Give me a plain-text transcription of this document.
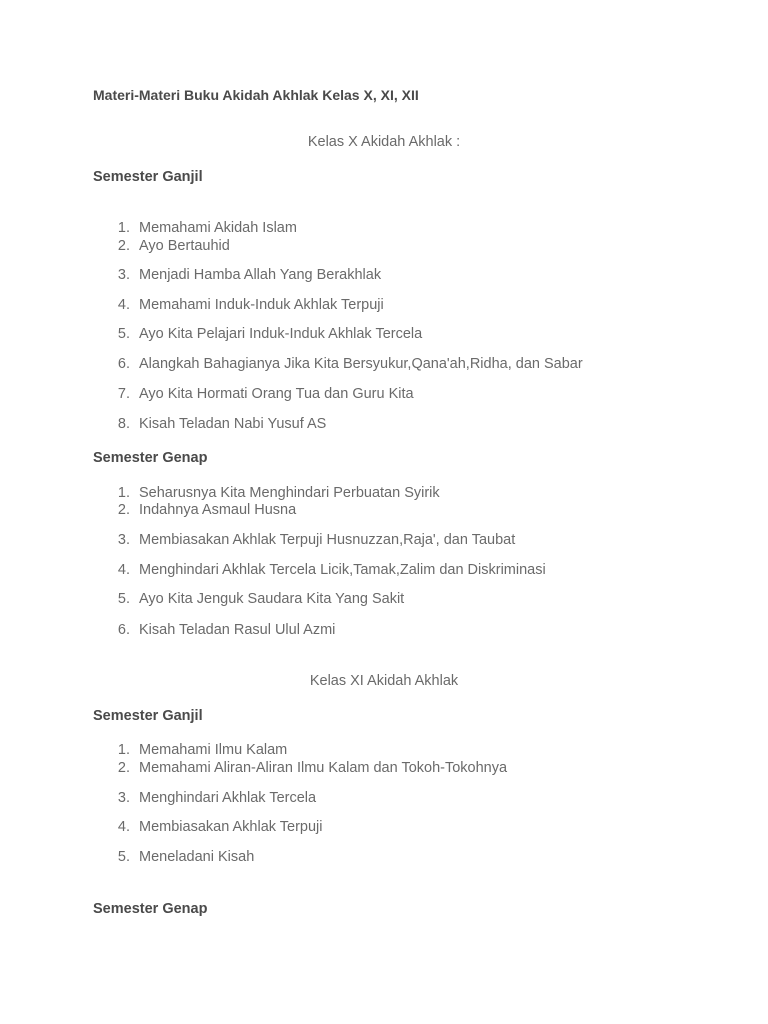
Materi-Materi Buku Akidah Akhlak Kelas X, XI, XII
Kelas X Akidah Akhlak :
Semester Ganjil
1. Memahami Akidah Islam
2. Ayo Bertauhid
3. Menjadi Hamba Allah Yang Berakhlak
4. Memahami Induk-Induk Akhlak Terpuji
5. Ayo Kita Pelajari Induk-Induk Akhlak Tercela
6. Alangkah Bahagianya Jika Kita Bersyukur,Qana'ah,Ridha, dan Sabar
7. Ayo Kita Hormati Orang Tua dan Guru Kita
8. Kisah Teladan Nabi Yusuf AS
Semester Genap
1. Seharusnya Kita Menghindari Perbuatan Syirik
2. Indahnya Asmaul Husna
3. Membiasakan Akhlak Terpuji Husnuzzan,Raja', dan Taubat
4. Menghindari Akhlak Tercela Licik,Tamak,Zalim dan Diskriminasi
5. Ayo Kita Jenguk Saudara Kita Yang Sakit
6. Kisah Teladan Rasul Ulul Azmi
Kelas XI Akidah Akhlak
Semester Ganjil
1. Memahami Ilmu Kalam
2. Memahami Aliran-Aliran Ilmu Kalam dan Tokoh-Tokohnya
3. Menghindari Akhlak Tercela
4. Membiasakan Akhlak Terpuji
5. Meneladani Kisah
Semester Genap
